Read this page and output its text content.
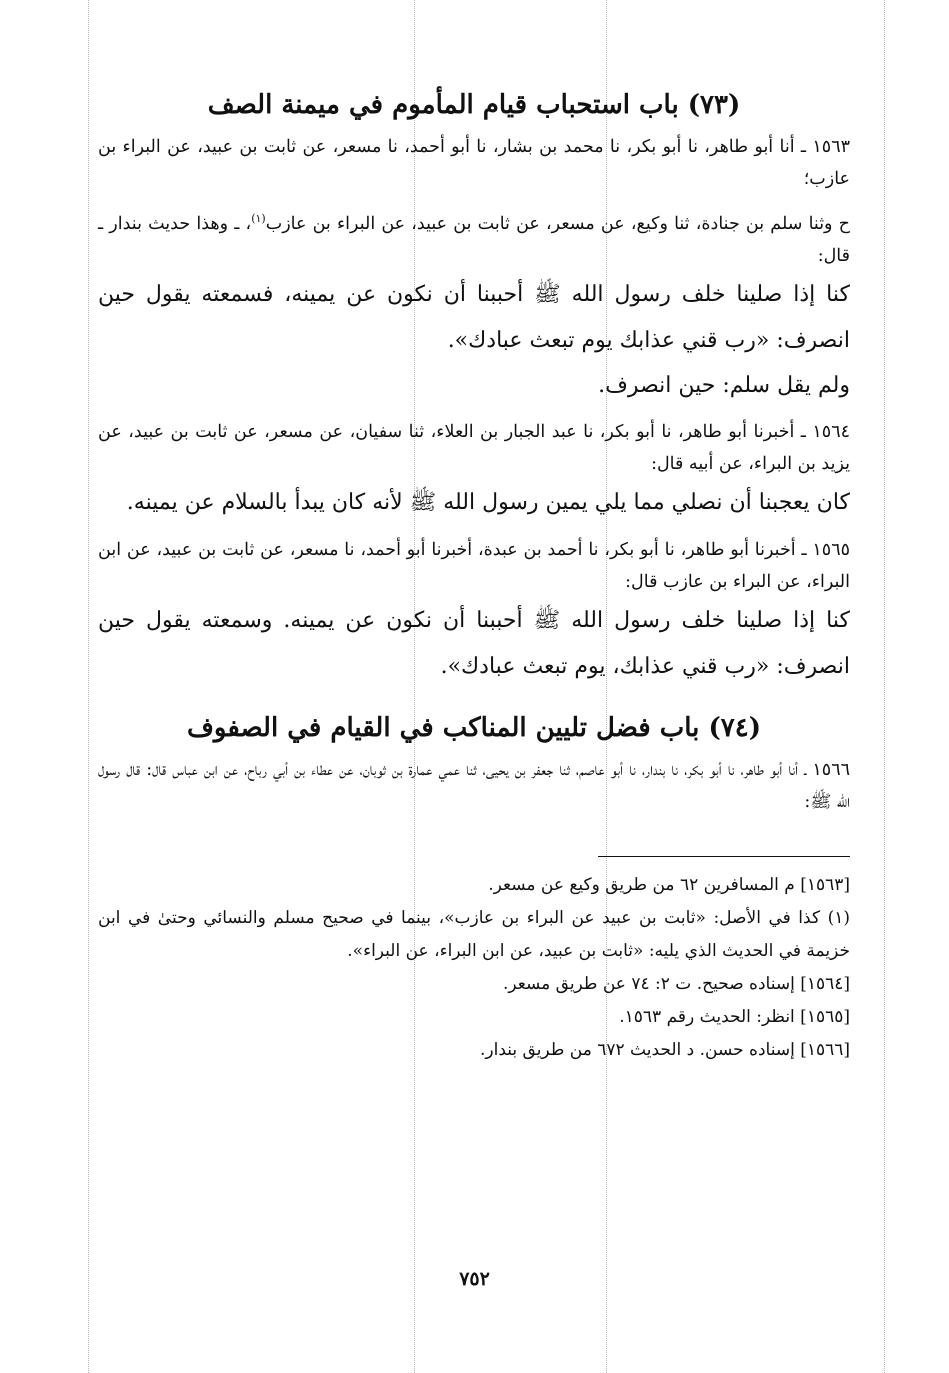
(٧٣) باب استحباب قيام المأموم في ميمنة الصف

١٥٦٣ ـ أنا أبو طاهر، نا أبو بكر، نا محمد بن بشار، نا أبو أحمد، نا مسعر، عن ثابت بن عبيد، عن البراء بن عازب؛

ح وثنا سلم بن جنادة، ثنا وكيع، عن مسعر، عن ثابت بن عبيد، عن البراء بن عازب$^{(١)}$، ـ وهذا حديث بندار ـ قال:

كنا إذا صلينا خلف رسول الله ﷺ أحببنا أن نكون عن يمينه، فسمعته يقول حين انصرف: «رب قني عذابك يوم تبعث عبادك».

ولم يقل سلم: حين انصرف.

١٥٦٤ ـ أخبرنا أبو طاهر، نا أبو بكر، نا عبد الجبار بن العلاء، ثنا سفيان، عن مسعر، عن ثابت بن عبيد، عن يزيد بن البراء، عن أبيه قال:

كان يعجبنا أن نصلي مما يلي يمين رسول الله ﷺ لأنه كان يبدأ بالسلام عن يمينه.

١٥٦٥ ـ أخبرنا أبو طاهر، نا أبو بكر، نا أحمد بن عبدة، أخبرنا أبو أحمد، نا مسعر، عن ثابت بن عبيد، عن ابن البراء، عن البراء بن عازب قال:

كنا إذا صلينا خلف رسول الله ﷺ أحببنا أن نكون عن يمينه. وسمعته يقول حين انصرف: «رب قني عذابك، يوم تبعث عبادك».

(٧٤) باب فضل تليين المناكب في القيام في الصفوف

١٥٦٦ ـ أنا أبو طاهر، نا أبو بكر، نا بندار، نا أبو عاصم، ثنا جعفر بن يحيى، ثنا عمي عمارة بن ثوبان، عن عطاء بن أبي رباح، عن ابن عباس قال: قال رسول الله ﷺ:

[١٥٦٣] م المسافرين ٦٢ من طريق وكيع عن مسعر.

(١) كذا في الأصل: «ثابت بن عبيد عن البراء بن عازب»، بينما في صحيح مسلم والنسائي وحتىٰ في ابن خزيمة في الحديث الذي يليه: «ثابت بن عبيد، عن ابن البراء، عن البراء».

[١٥٦٤] إسناده صحيح. ت ٢: ٧٤ عن طريق مسعر.

[١٥٦٥] انظر: الحديث رقم ١٥٦٣.

[١٥٦٦] إسناده حسن. د الحديث ٦٧٢ من طريق بندار.

٧٥٢
